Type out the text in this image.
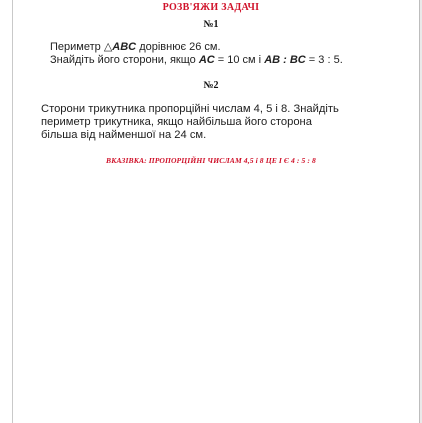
РОЗВ'ЯЖИ ЗАДАЧІ
№1
Периметр △ABC дорівнює 26 см.
Знайдіть його сторони, якщо AC = 10 см і AB : BC = 3 : 5.
№2
Сторони трикутника пропорційні числам 4, 5 і 8. Знайдіть
периметр трикутника, якщо найбільша його сторона
більша від найменшої на 24 см.
ВКАЗІВКА: ПРОПОРЦІЙНІ ЧИСЛАМ 4,5 і 8 ЦЕ І Є 4 : 5 : 8
